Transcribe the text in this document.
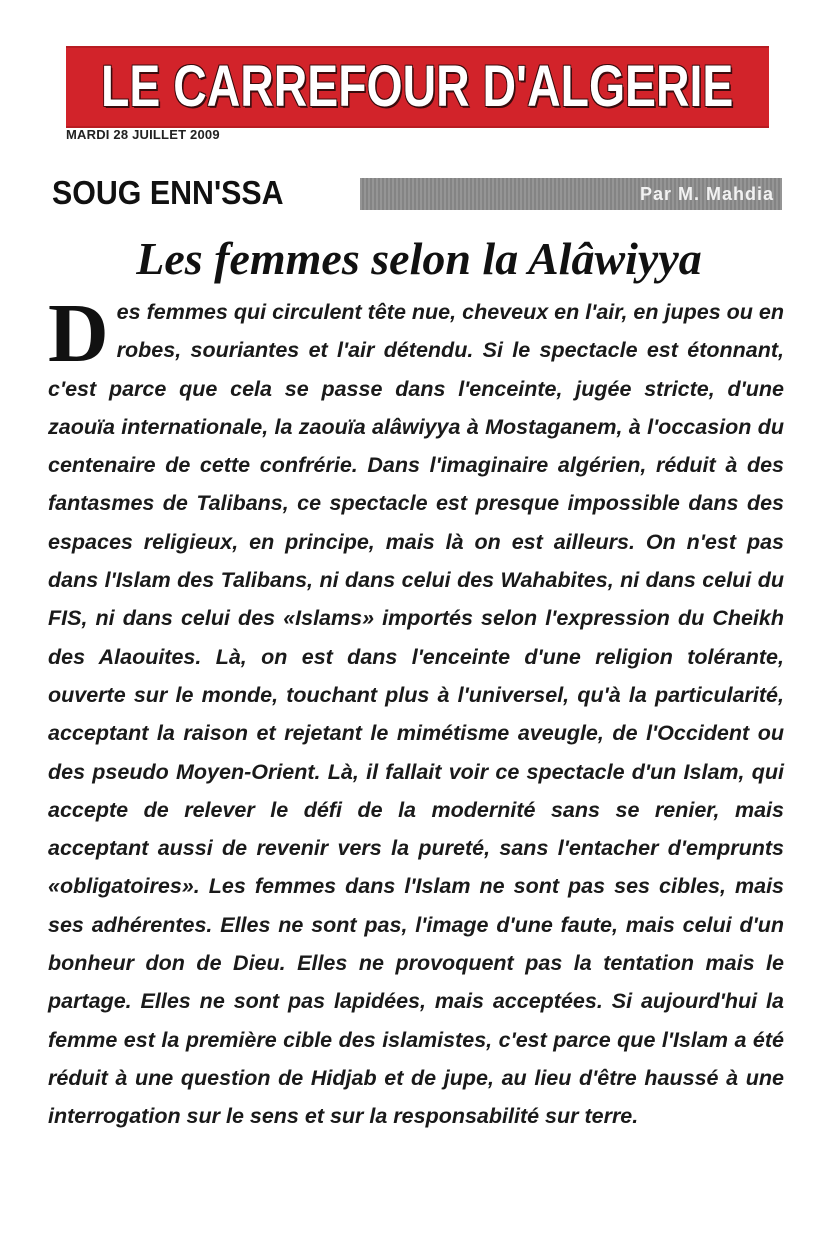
LE CARREFOUR D'ALGERIE
MARDI 28 JUILLET 2009
SOUG ENN'SSA	Par M. Mahdia
Les femmes selon la Alâwiyya

Des femmes qui circulent tête nue, cheveux en l'air, en jupes ou en robes, souriantes et l'air détendu. Si le spectacle est étonnant, c'est parce que cela se passe dans l'enceinte, jugée stricte, d'une zaouïa internationale, la zaouïa alâwiyya à Mostaganem, à l'occasion du centenaire de cette confrérie. Dans l'imaginaire algérien, réduit à des fantasmes de Talibans, ce spectacle est presque impossible dans des espaces religieux, en principe, mais là on est ailleurs. On n'est pas dans l'Islam des Talibans, ni dans celui des Wahabites, ni dans celui du FIS, ni dans celui des «Islams» importés selon l'expression du Cheikh des Alaouites. Là, on est dans l'enceinte d'une religion tolérante, ouverte sur le monde, touchant plus à l'universel, qu'à la particularité, acceptant la raison et rejetant le mimétisme aveugle, de l'Occident ou des pseudo Moyen-Orient. Là, il fallait voir ce spectacle d'un Islam, qui accepte de relever le défi de la modernité sans se renier, mais acceptant aussi de revenir vers la pureté, sans l'entacher d'emprunts «obligatoires». Les femmes dans l'Islam ne sont pas ses cibles, mais ses adhérentes. Elles ne sont pas, l'image d'une faute, mais celui d'un bonheur don de Dieu. Elles ne provoquent pas la tentation mais le partage. Elles ne sont pas lapidées, mais acceptées. Si aujourd'hui la femme est la première cible des islamistes, c'est parce que l'Islam a été réduit à une question de Hidjab et de jupe, au lieu d'être haussé à une interrogation sur le sens et sur la responsabilité sur terre.
